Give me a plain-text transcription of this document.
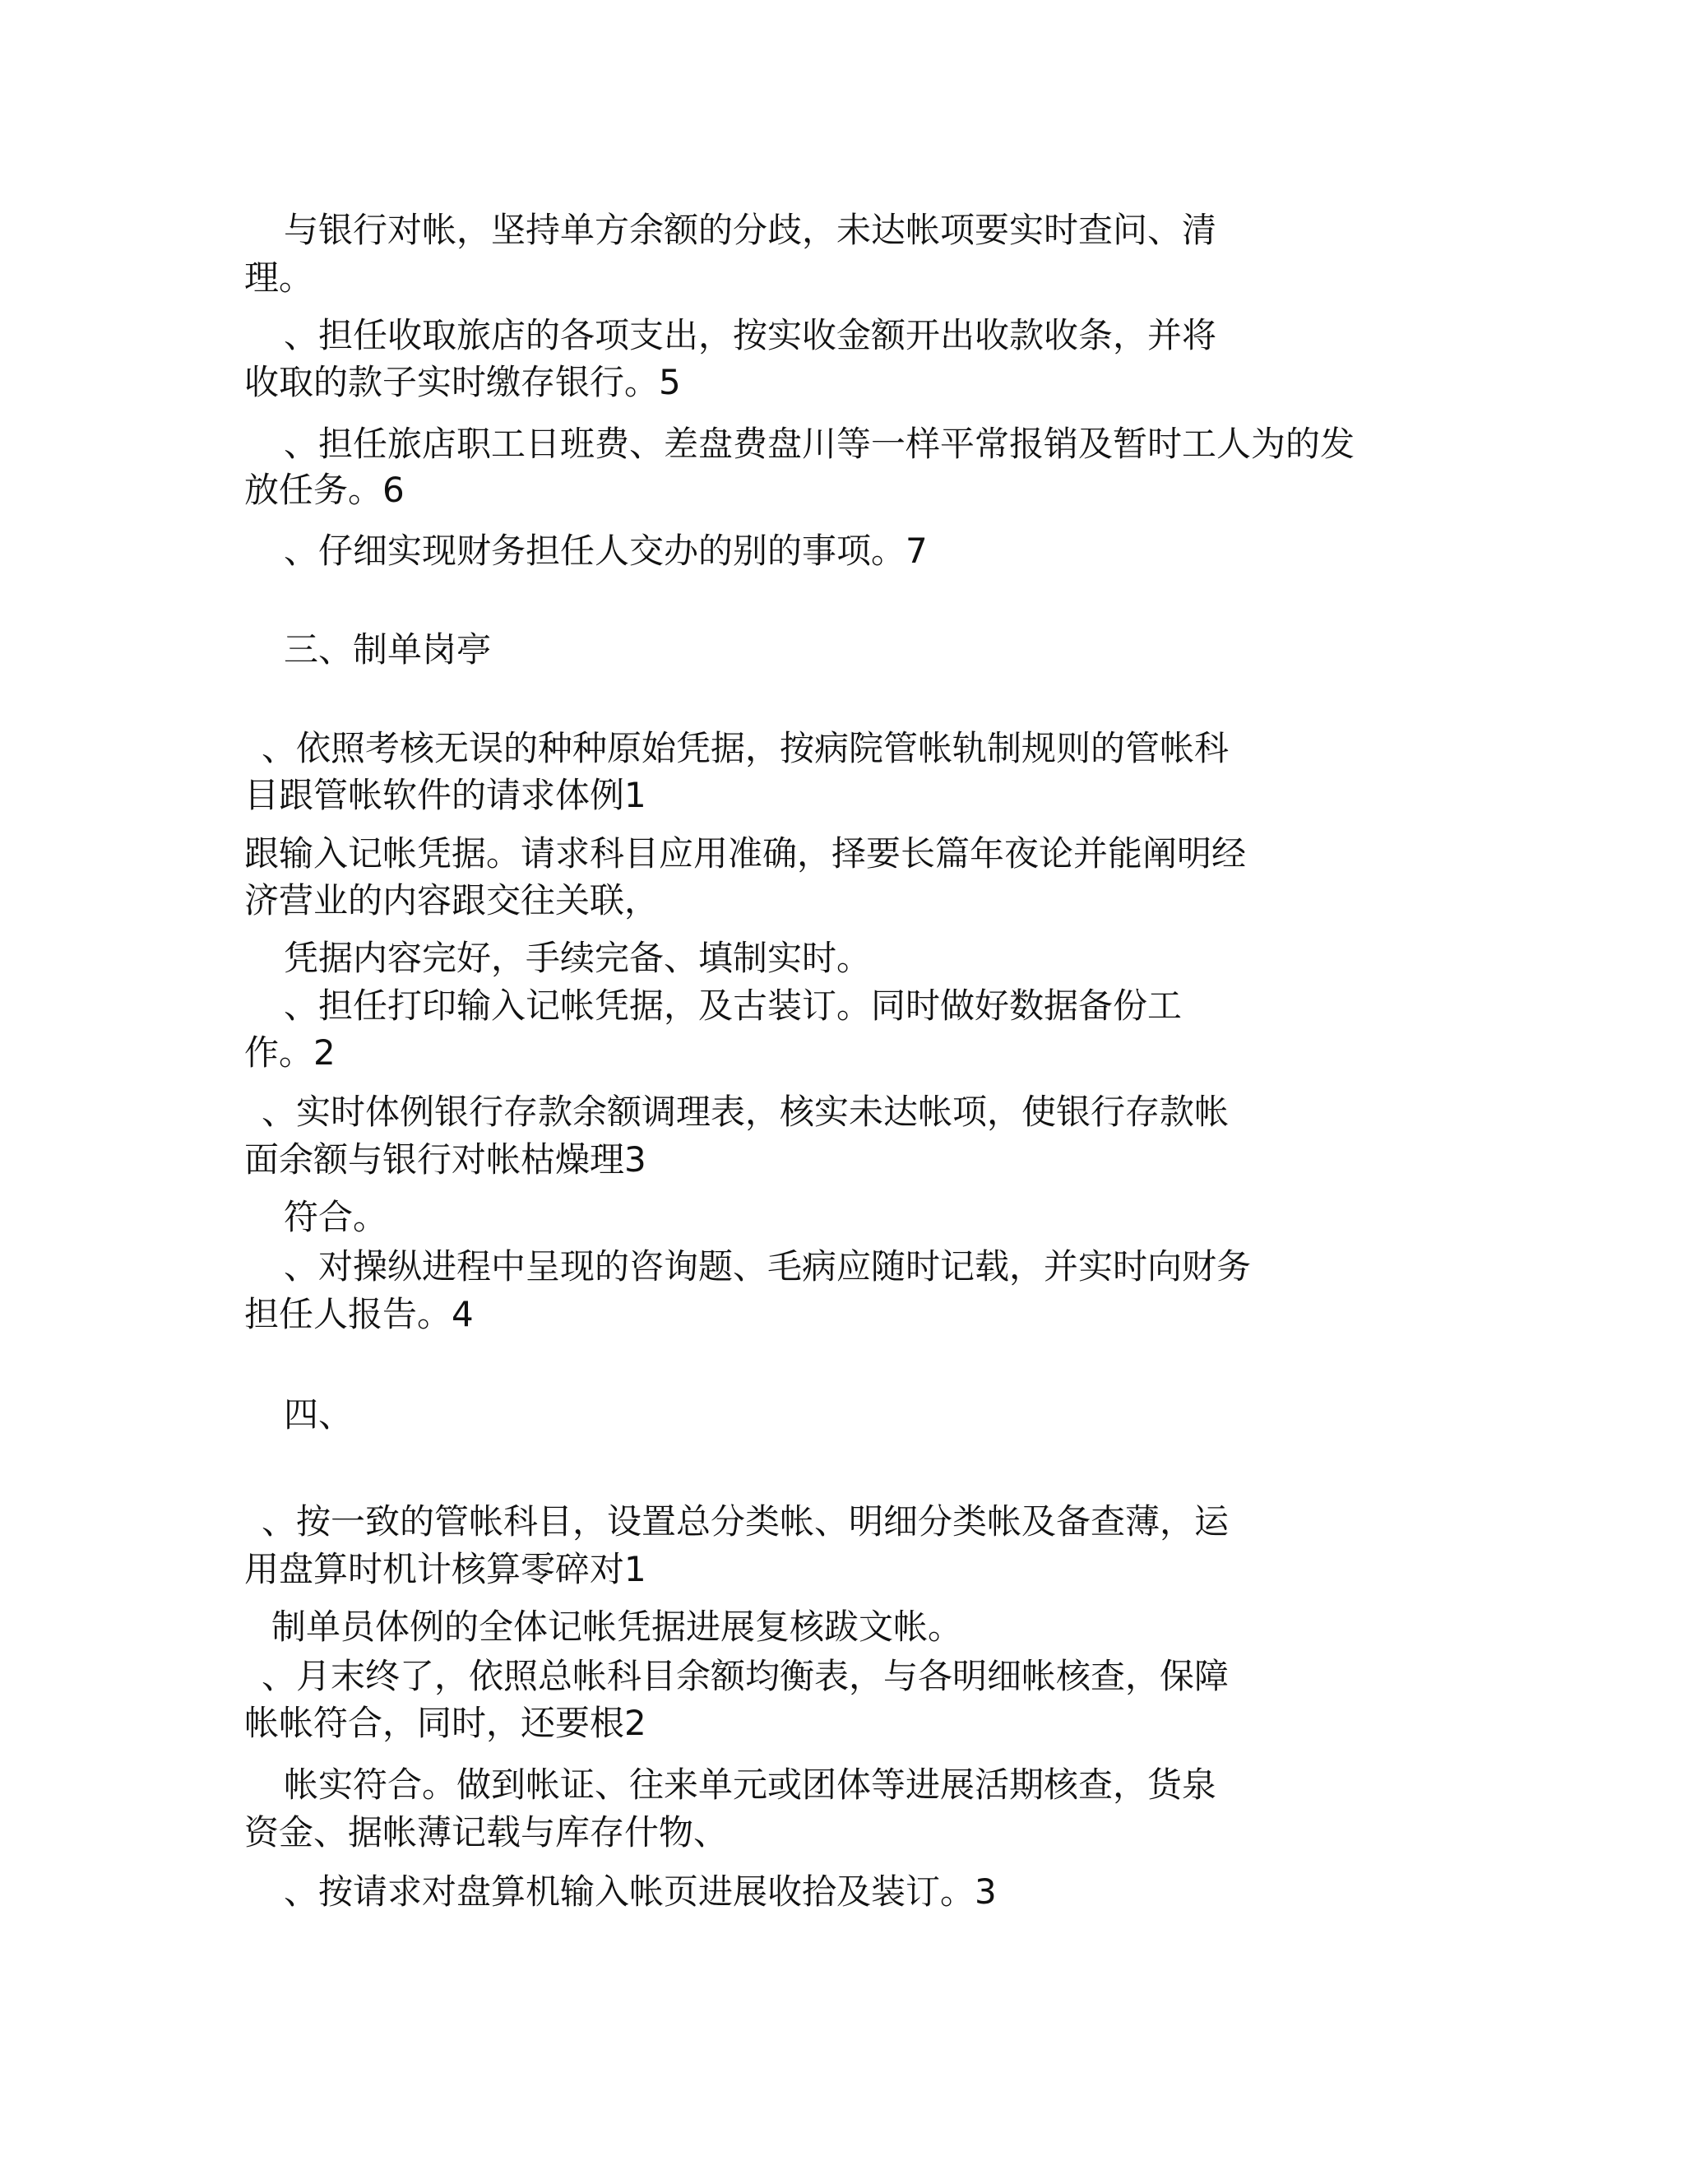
与银行对帐，坚持单方余额的分歧，未达帐项要实时查问、清
理。
、担任收取旅店的各项支出，按实收金额开出收款收条，并将
收取的款子实时缴存银行。5
、担任旅店职工日班费、差盘费盘川等一样平常报销及暂时工人为的发
放任务。6
、仔细实现财务担任人交办的别的事项。7
三、制单岗亭
、依照考核无误的种种原始凭据，按病院管帐轨制规则的管帐科
目跟管帐软件的请求体例1
跟输入记帐凭据。请求科目应用准确，择要长篇年夜论并能阐明经
济营业的内容跟交往关联，
凭据内容完好，手续完备、填制实时。
、担任打印输入记帐凭据，及古装订。同时做好数据备份工
作。2
、实时体例银行存款余额调理表，核实未达帐项，使银行存款帐
面余额与银行对帐枯燥理3
符合。
、对操纵进程中呈现的咨询题、毛病应随时记载，并实时向财务
担任人报告。4
四、
、按一致的管帐科目，设置总分类帐、明细分类帐及备查薄，运
用盘算时机计核算零碎对1
制单员体例的全体记帐凭据进展复核跋文帐。
、月末终了，依照总帐科目余额均衡表，与各明细帐核查，保障
帐帐符合，同时，还要根2
帐实符合。做到帐证、往来单元或团体等进展活期核查，货泉
资金、据帐薄记载与库存什物、
、按请求对盘算机输入帐页进展收拾及装订。3
